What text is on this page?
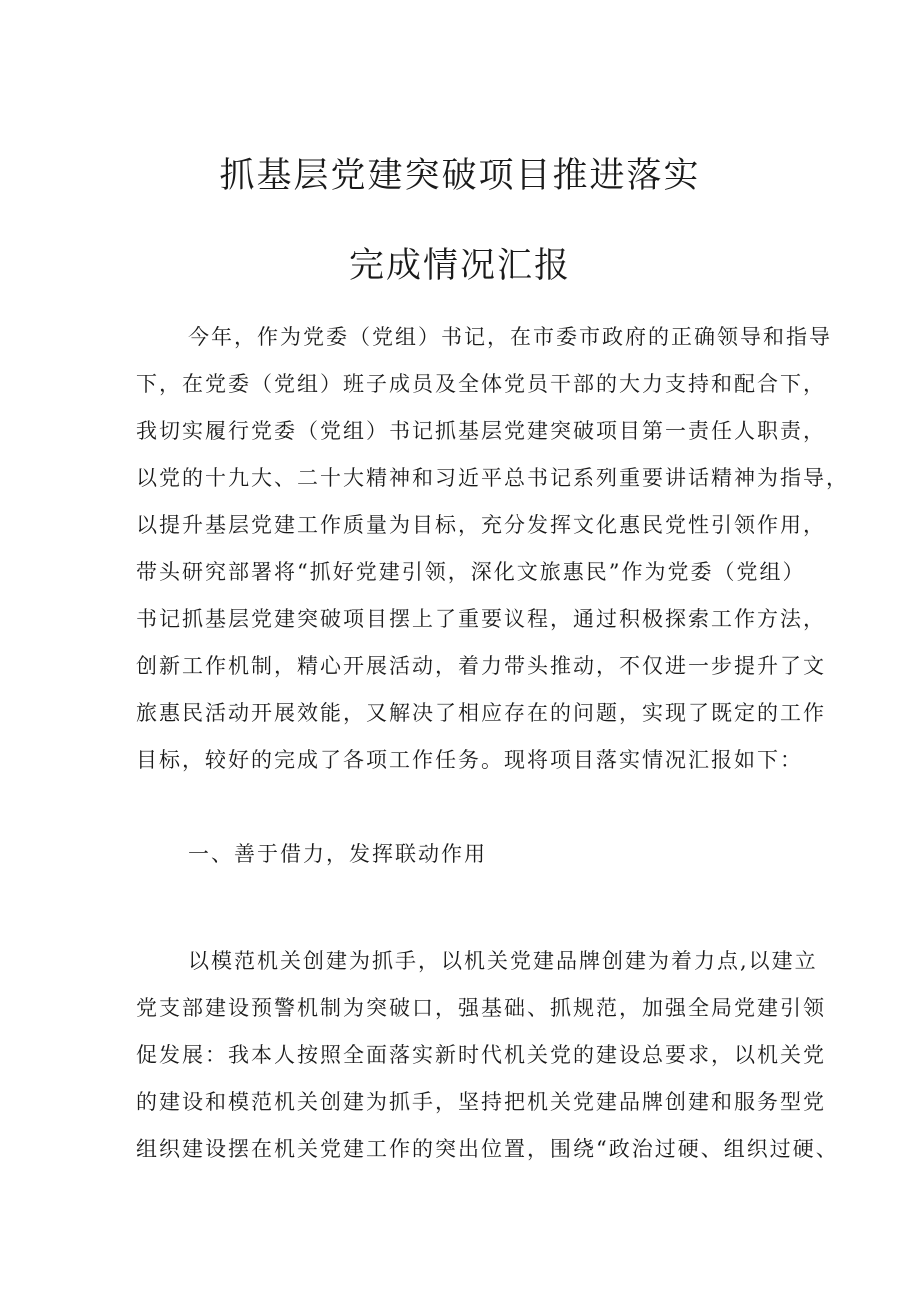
抓基层党建突破项目推进落实
完成情况汇报
今年，作为党委（党组）书记，在市委市政府的正确领导和指导
下，在党委（党组）班子成员及全体党员干部的大力支持和配合下，
我切实履行党委（党组）书记抓基层党建突破项目第一责任人职责，
以党的十九大、二十大精神和习近平总书记系列重要讲话精神为指导，
以提升基层党建工作质量为目标，充分发挥文化惠民党性引领作用，
带头研究部署将“抓好党建引领，深化文旅惠民”作为党委（党组）
书记抓基层党建突破项目摆上了重要议程，通过积极探索工作方法，
创新工作机制，精心开展活动，着力带头推动，不仅进一步提升了文
旅惠民活动开展效能，又解决了相应存在的问题，实现了既定的工作
目标，较好的完成了各项工作任务。现将项目落实情况汇报如下：
一、善于借力，发挥联动作用
以模范机关创建为抓手，以机关党建品牌创建为着力点,以建立
党支部建设预警机制为突破口，强基础、抓规范，加强全局党建引领
促发展：我本人按照全面落实新时代机关党的建设总要求，以机关党
的建设和模范机关创建为抓手，坚持把机关党建品牌创建和服务型党
组织建设摆在机关党建工作的突出位置，围绕“政治过硬、组织过硬、
